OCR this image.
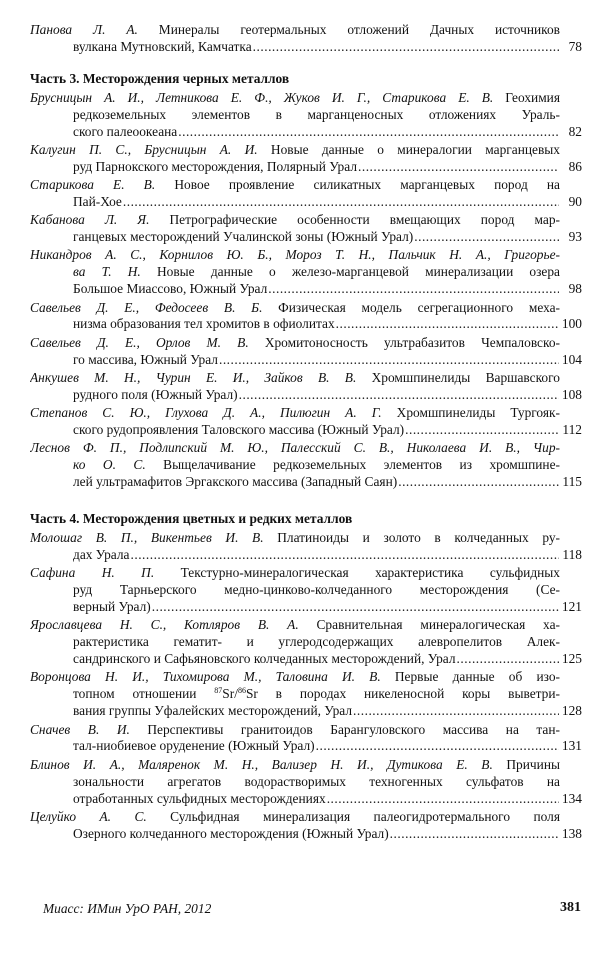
Панова Л. А. Минералы геотермальных отложений Дачных источников
вулкана Мутновский, Камчатка .....	78
Часть 3. Месторождения черных металлов
Брусницын А. И., Летникова Е. Ф., Жуков И. Г., Старикова Е. В. Геохимия
редкоземельных элементов в марганценосных отложениях Ураль-
ского палеоокеана .....	82
Калугин П. С., Брусницын А. И. Новые данные о минералогии марганцевых
руд Парнокского месторождения, Полярный Урал .....	86
Старикова Е. В. Новое проявление силикатных марганцевых пород на
Пай-Хое .....	90
Кабанова Л. Я. Петрографические особенности вмещающих пород мар-
ганцевых месторождений Учалинской зоны (Южный Урал) .....	93
Никандров А. С., Корнилов Ю. Б., Мороз Т. Н., Пальчик Н. А., Григорье-
ва Т. Н. Новые данные о железо-марганцевой минерализации озера
Большое Миассово, Южный Урал .....	98
Савельев Д. Е., Федосеев В. Б. Физическая модель сегрегационного меха-
низма образования тел хромитов в офиолитах .....	100
Савельев Д. Е., Орлов М. В. Хромитоносность ультрабазитов Чемпаловско-
го массива, Южный Урал .....	104
Анкушев М. Н., Чурин Е. И., Зайков В. В. Хромшпинелиды Варшавского
рудного поля (Южный Урал) .....	108
Степанов С. Ю., Глухова Д. А., Пилюгин А. Г. Хромшпинелиды Тургояк-
ского рудопроявления Таловского массива (Южный Урал) .....	112
Леснов Ф. П., Подлипский М. Ю., Палесский С. В., Николаева И. В., Чир-
ко О. С. Выщелачивание редкоземельных элементов из хромшпине-
лей ультрамафитов Эргакского массива (Западный Саян) .....	115
Часть 4. Месторождения цветных и редких металлов
Молошаг В. П., Викентьев И. В. Платиноиды и золото в колчеданных ру-
дах Урала .....	118
Сафина Н. П. Текстурно-минералогическая характеристика сульфидных
руд Тарньерского медно-цинково-колчеданного месторождения (Се-
верный Урал) .....	121
Ярославцева Н. С., Котляров В. А. Сравнительная минералогическая ха-
рактеристика гематит- и углеродсодержащих алевропелитов Алек-
сандринского и Сафьяновского колчеданных месторождений, Урал .....	125
Воронцова Н. И., Тихомирова М., Таловина И. В. Первые данные об изо-
топном отношении $^{87}$Sr/$^{86}$Sr в породах никеленосной коры выветри-
вания группы Уфалейских месторождений, Урал .....	128
Сначев В. И. Перспективы гранитоидов Барангуловского массива на тан-
тал-ниобиевое оруденение (Южный Урал) .....	131
Блинов И. А., Маляренок М. Н., Вализер Н. И., Дутикова Е. В. Причины
зональности агрегатов водорастворимых техногенных сульфатов на
отработанных сульфидных месторождениях .....	134
Целуйко А. С. Сульфидная минерализация палеогидротермального поля
Озерного колчеданного месторождения (Южный Урал) .....	138
Миасс: ИМин УрО РАН, 2012	381
